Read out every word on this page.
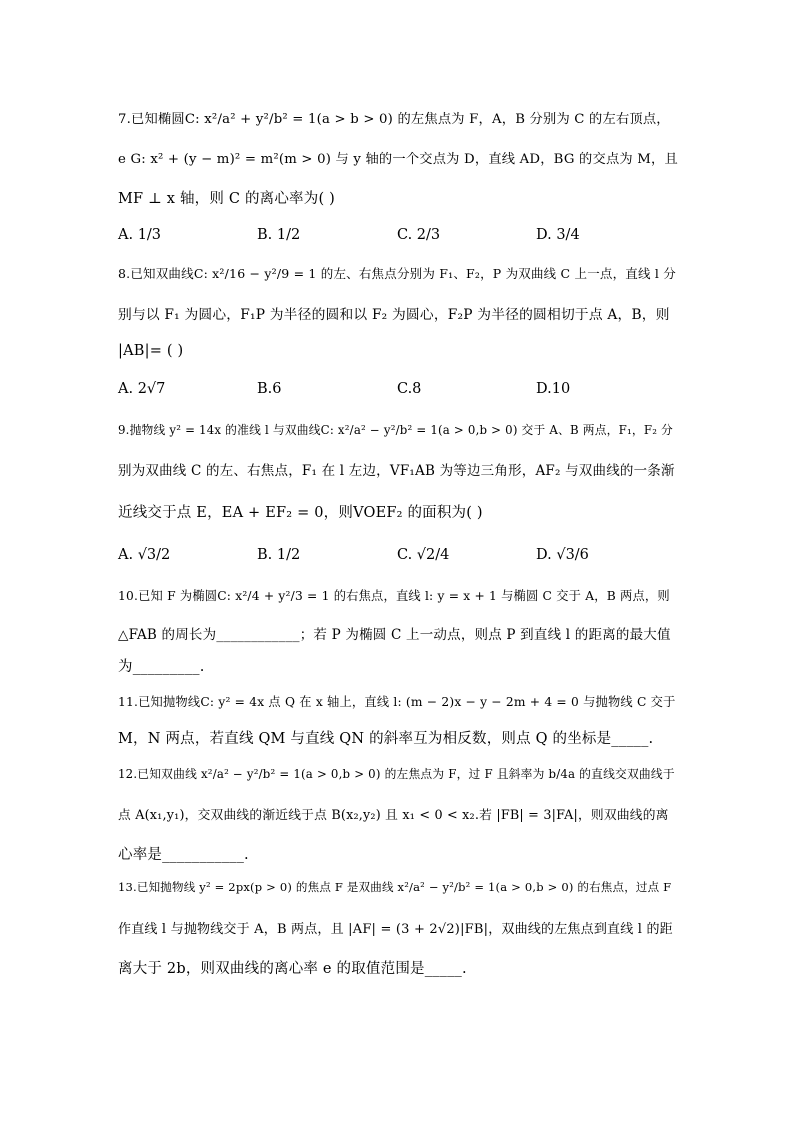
7.已知椭圆C: x²/a² + y²/b² = 1(a > b > 0) 的左焦点为 F，A，B 分别为 C 的左右顶点，
e G: x² + (y − m)² = m²(m > 0) 与 y 轴的一个交点为 D，直线 AD，BG 的交点为 M，且
MF ⊥ x 轴，则 C 的离心率为( )
A. 1/3	B. 1/2	C. 2/3	D. 3/4
8.已知双曲线C: x²/16 − y²/9 = 1 的左、右焦点分别为 F₁、F₂，P 为双曲线 C 上一点，直线 l 分
别与以 F₁ 为圆心，F₁P 为半径的圆和以 F₂ 为圆心，F₂P 为半径的圆相切于点 A，B，则
|AB|= ( )
A. 2√7	B.6	C.8	D.10
9.抛物线 y² = 14x 的准线 l 与双曲线C: x²/a² − y²/b² = 1(a > 0,b > 0) 交于 A、B 两点，F₁，F₂ 分
别为双曲线 C 的左、右焦点，F₁ 在 l 左边，VF₁AB 为等边三角形，AF₂ 与双曲线的一条渐
近线交于点 E，EA + EF₂ = 0，则VOEF₂ 的面积为( )
A. √3/2	B. 1/2	C. √2/4	D. √3/6
10.已知 F 为椭圆C: x²/4 + y²/3 = 1 的右焦点，直线 l: y = x + 1 与椭圆 C 交于 A，B 两点，则
△FAB 的周长为____________；若 P 为椭圆 C 上一动点，则点 P 到直线 l 的距离的最大值
为_________.
11.已知抛物线C: y² = 4x 点 Q 在 x 轴上，直线 l: (m − 2)x − y − 2m + 4 = 0 与抛物线 C 交于
M，N 两点，若直线 QM 与直线 QN 的斜率互为相反数，则点 Q 的坐标是_____.
12.已知双曲线 x²/a² − y²/b² = 1(a > 0,b > 0) 的左焦点为 F，过 F 且斜率为 b/4a 的直线交双曲线于
点 A(x₁,y₁)，交双曲线的渐近线于点 B(x₂,y₂) 且 x₁ < 0 < x₂.若 |FB| = 3|FA|，则双曲线的离
心率是___________.
13.已知抛物线 y² = 2px(p > 0) 的焦点 F 是双曲线 x²/a² − y²/b² = 1(a > 0,b > 0) 的右焦点，过点 F
作直线 l 与抛物线交于 A，B 两点，且 |AF| = (3 + 2√2)|FB|，双曲线的左焦点到直线 l 的距
离大于 2b，则双曲线的离心率 e 的取值范围是_____.
